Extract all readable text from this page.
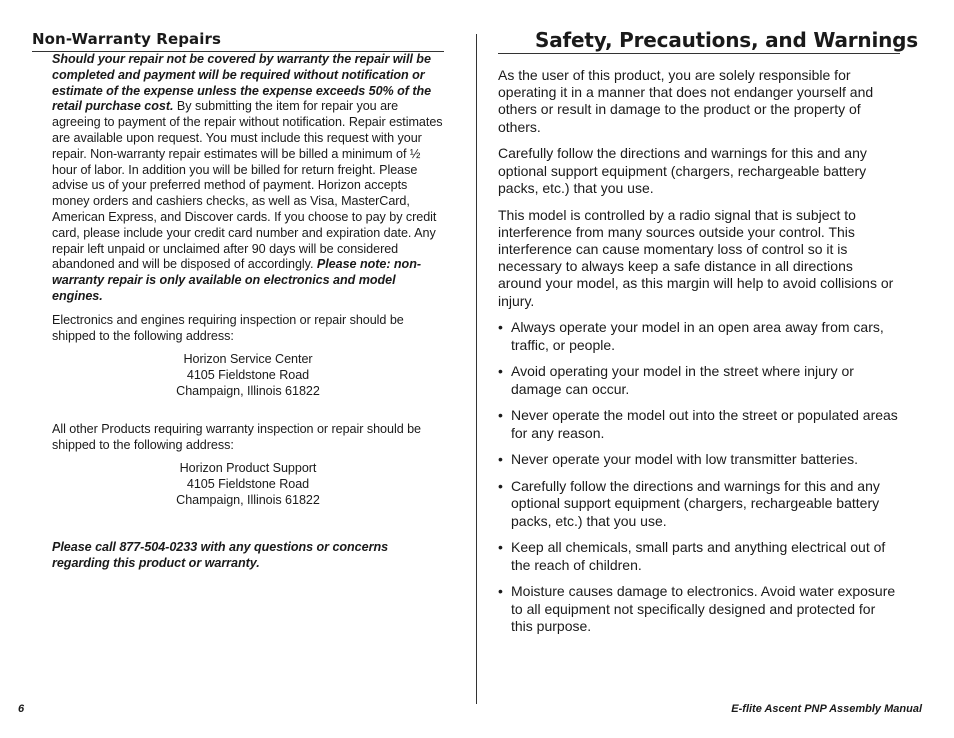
Non-Warranty Repairs

Should your repair not be covered by warranty the repair will be completed and payment will be required without notification or estimate of the expense unless the expense exceeds 50% of the retail purchase cost. By submitting the item for repair you are agreeing to payment of the repair without notification. Repair estimates are available upon request. You must include this request with your repair. Non-warranty repair estimates will be billed a minimum of ½ hour of labor. In addition you will be billed for return freight. Please advise us of your preferred method of payment. Horizon accepts money orders and cashiers checks, as well as Visa, MasterCard, American Express, and Discover cards. If you choose to pay by credit card, please include your credit card number and expiration date. Any repair left unpaid or unclaimed after 90 days will be considered abandoned and will be disposed of accordingly. Please note: non-warranty repair is only available on electronics and model engines.

Electronics and engines requiring inspection or repair should be shipped to the following address:

Horizon Service Center

4105 Fieldstone Road

Champaign, Illinois 61822

All other Products requiring warranty inspection or repair should be shipped to the following address:

Horizon Product Support

4105 Fieldstone Road

Champaign, Illinois 61822

Please call 877-504-0233 with any questions or concerns regarding this product or warranty.

Safety, Precautions, and Warnings

As the user of this product, you are solely responsible for operating it in a manner that does not endanger yourself and others or result in damage to the product or the property of others.

Carefully follow the directions and warnings for this and any optional support equipment (chargers, rechargeable battery packs, etc.) that you use.

This model is controlled by a radio signal that is subject to interference from many sources outside your control. This interference can cause momentary loss of control so it is necessary to always keep a safe distance in all directions around your model, as this margin will help to avoid collisions or injury.

• Always operate your model in an open area away from cars, traffic, or people.
• Avoid operating your model in the street where injury or damage can occur.
• Never operate the model out into the street or populated areas for any reason.
• Never operate your model with low transmitter batteries.
• Carefully follow the directions and warnings for this and any optional support equipment (chargers, rechargeable battery packs, etc.) that you use.
• Keep all chemicals, small parts and anything electrical out of the reach of children.
• Moisture causes damage to electronics. Avoid water exposure to all equipment not specifically designed and protected for this purpose.
6	E-flite Ascent PNP Assembly Manual
